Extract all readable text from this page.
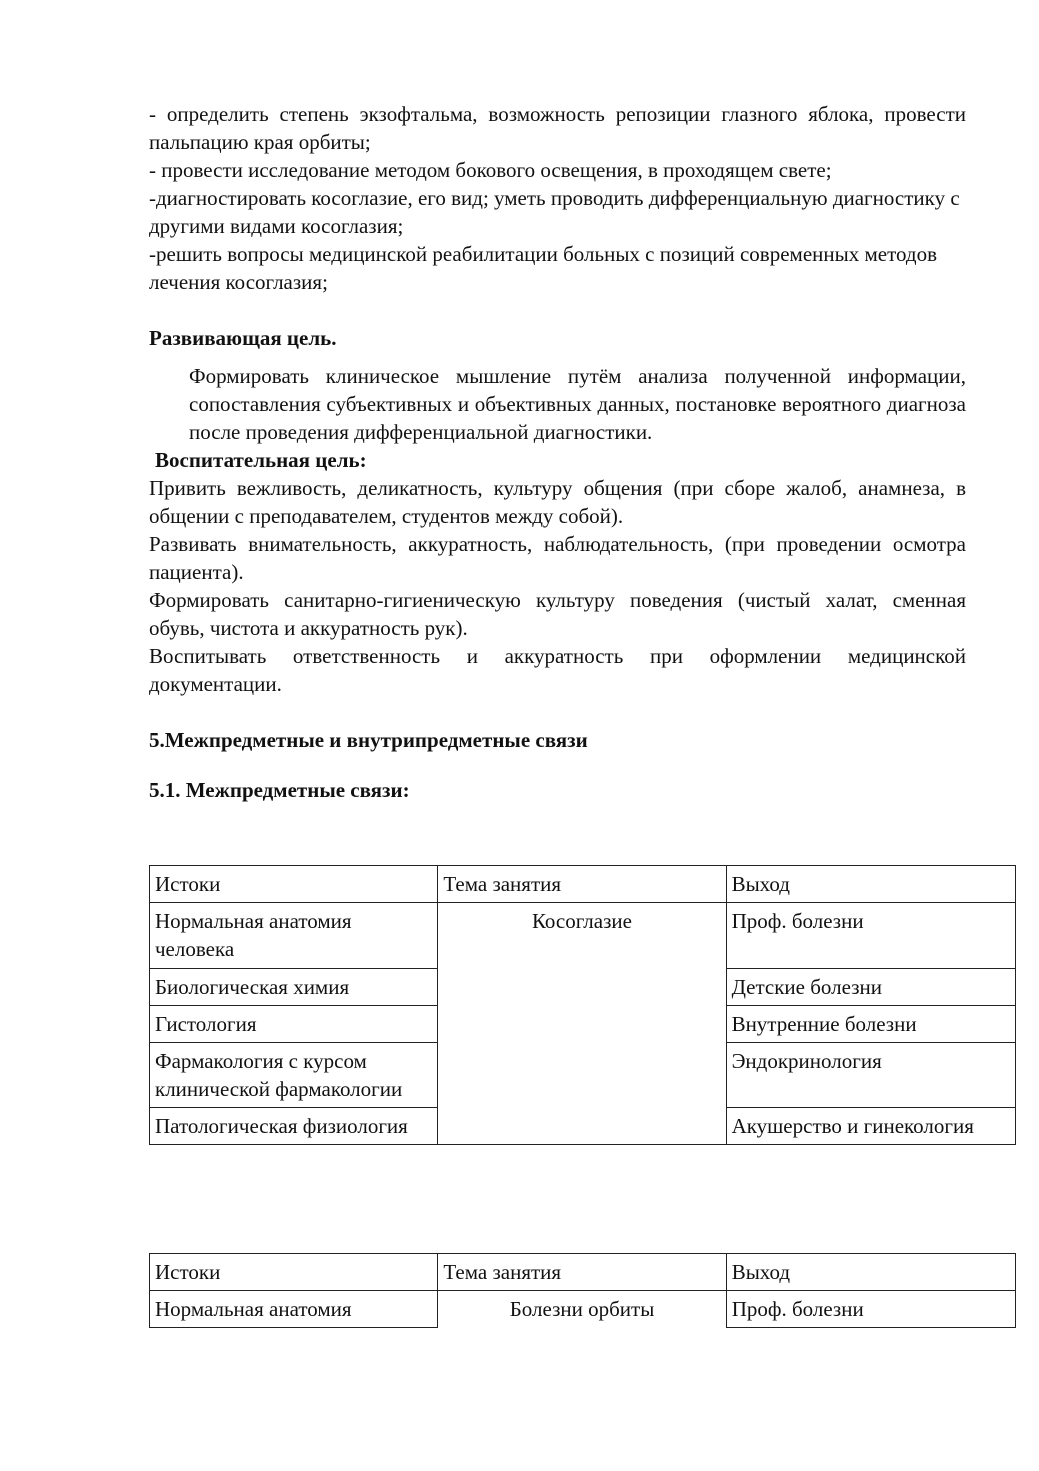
- определить степень экзофтальма, возможность репозиции глазного яблока, провести пальпацию края орбиты;

- провести исследование методом бокового освещения, в проходящем свете;

-диагностировать косоглазие, его вид; уметь проводить дифференциальную диагностику с другими видами косоглазия;

-решить вопросы медицинской реабилитации больных с позиций современных методов лечения косоглазия;

Развивающая цель.

Формировать клиническое мышление путём анализа полученной информации, сопоставления субъективных и объективных данных, постановке вероятного диагноза после проведения дифференциальной диагностики.

Воспитательная цель:

Привить вежливость, деликатность, культуру общения (при сборе жалоб, анамнеза, в общении с преподавателем, студентов между собой).

Развивать внимательность, аккуратность, наблюдательность, (при проведении осмотра пациента).

Формировать санитарно-гигиеническую культуру поведения (чистый халат, сменная обувь, чистота и аккуратность рук).

Воспитывать ответственность и аккуратность при оформлении медицинской документации.

5.Межпредметные и внутрипредметные связи

5.1. Межпредметные связи:

Истоки	Тема занятия	Выход
Нормальная анатомия человека	Косоглазие	Проф. болезни
Биологическая химия		Детские болезни
Гистология		Внутренние болезни
Фармакология с курсом клинической фармакологии		Эндокринология
Патологическая физиология		Акушерство и гинекология
Истоки	Тема занятия	Выход
Нормальная анатомия	Болезни орбиты	Проф. болезни
